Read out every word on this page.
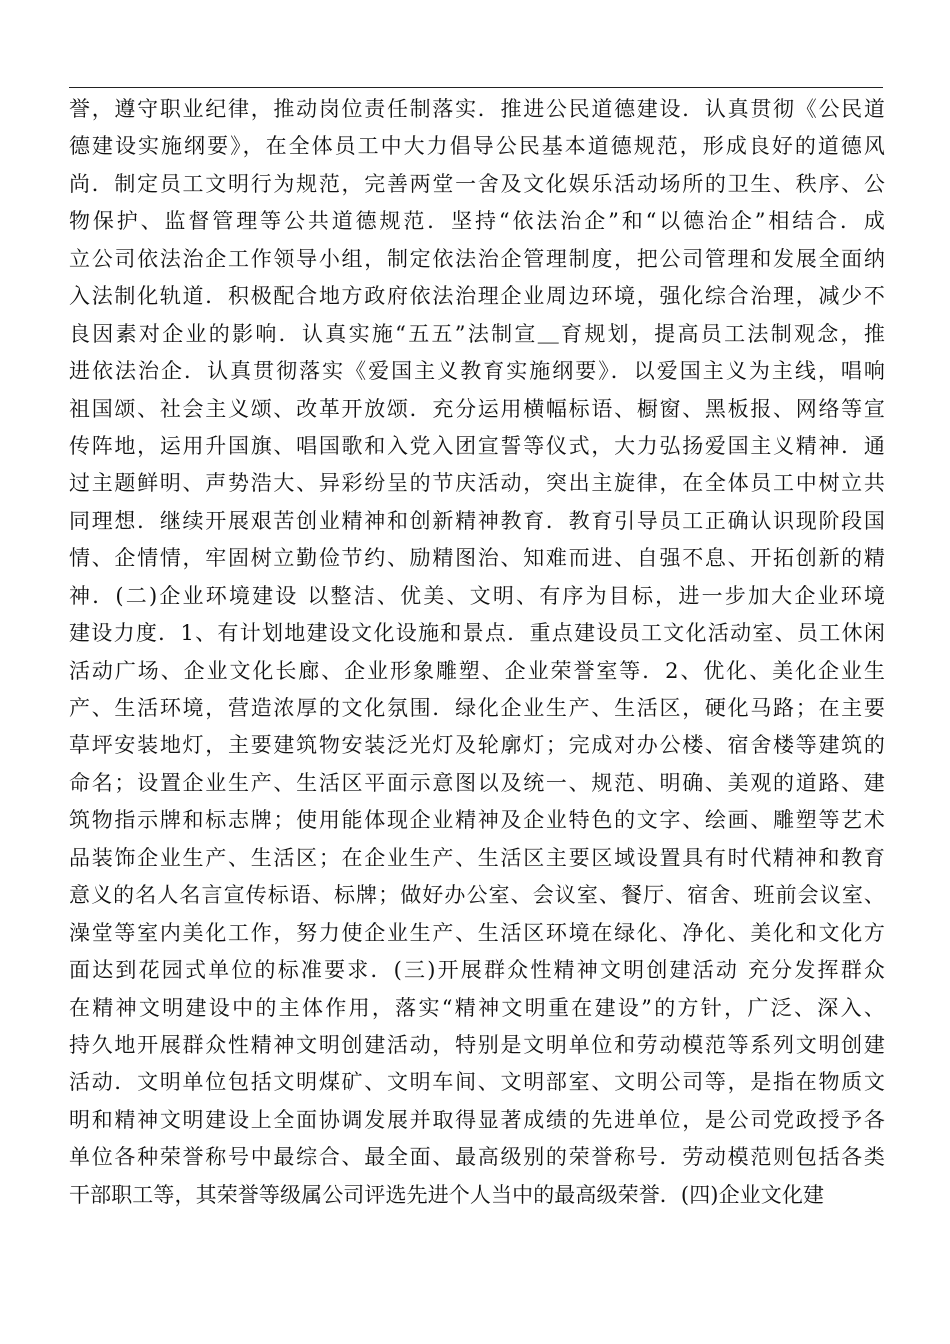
誉，遵守职业纪律，推动岗位责任制落实．推进公民道德建设．认真贯彻《公民道
德建设实施纲要》，在全体员工中大力倡导公民基本道德规范，形成良好的道德风
尚．制定员工文明行为规范，完善两堂一舍及文化娱乐活动场所的卫生、秩序、公
物保护、监督管理等公共道德规范．坚持“依法治企”和“以德治企”相结合．成
立公司依法治企工作领导小组，制定依法治企管理制度，把公司管理和发展全面纳
入法制化轨道．积极配合地方政府依法治理企业周边环境，强化综合治理，减少不
良因素对企业的影响．认真实施“五五”法制宣＿育规划，提高员工法制观念，推
进依法治企．认真贯彻落实《爱国主义教育实施纲要》．以爱国主义为主线，唱响
祖国颂、社会主义颂、改革开放颂．充分运用横幅标语、橱窗、黑板报、网络等宣
传阵地，运用升国旗、唱国歌和入党入团宣誓等仪式，大力弘扬爱国主义精神．通
过主题鲜明、声势浩大、异彩纷呈的节庆活动，突出主旋律，在全体员工中树立共
同理想．继续开展艰苦创业精神和创新精神教育．教育引导员工正确认识现阶段国
情、企情情，牢固树立勤俭节约、励精图治、知难而进、自强不息、开拓创新的精
神．(二)企业环境建设 以整洁、优美、文明、有序为目标，进一步加大企业环境
建设力度．1、有计划地建设文化设施和景点．重点建设员工文化活动室、员工休闲
活动广场、企业文化长廊、企业形象雕塑、企业荣誉室等．2、优化、美化企业生
产、生活环境，营造浓厚的文化氛围．绿化企业生产、生活区，硬化马路；在主要
草坪安装地灯，主要建筑物安装泛光灯及轮廓灯；完成对办公楼、宿舍楼等建筑的
命名；设置企业生产、生活区平面示意图以及统一、规范、明确、美观的道路、建
筑物指示牌和标志牌；使用能体现企业精神及企业特色的文字、绘画、雕塑等艺术
品装饰企业生产、生活区；在企业生产、生活区主要区域设置具有时代精神和教育
意义的名人名言宣传标语、标牌；做好办公室、会议室、餐厅、宿舍、班前会议室、
澡堂等室内美化工作，努力使企业生产、生活区环境在绿化、净化、美化和文化方
面达到花园式单位的标准要求．(三)开展群众性精神文明创建活动 充分发挥群众
在精神文明建设中的主体作用，落实“精神文明重在建设”的方针，广泛、深入、
持久地开展群众性精神文明创建活动，特别是文明单位和劳动模范等系列文明创建
活动．文明单位包括文明煤矿、文明车间、文明部室、文明公司等，是指在物质文
明和精神文明建设上全面协调发展并取得显著成绩的先进单位，是公司党政授予各
单位各种荣誉称号中最综合、最全面、最高级别的荣誉称号．劳动模范则包括各类
干部职工等，其荣誉等级属公司评选先进个人当中的最高级荣誉．(四)企业文化建
